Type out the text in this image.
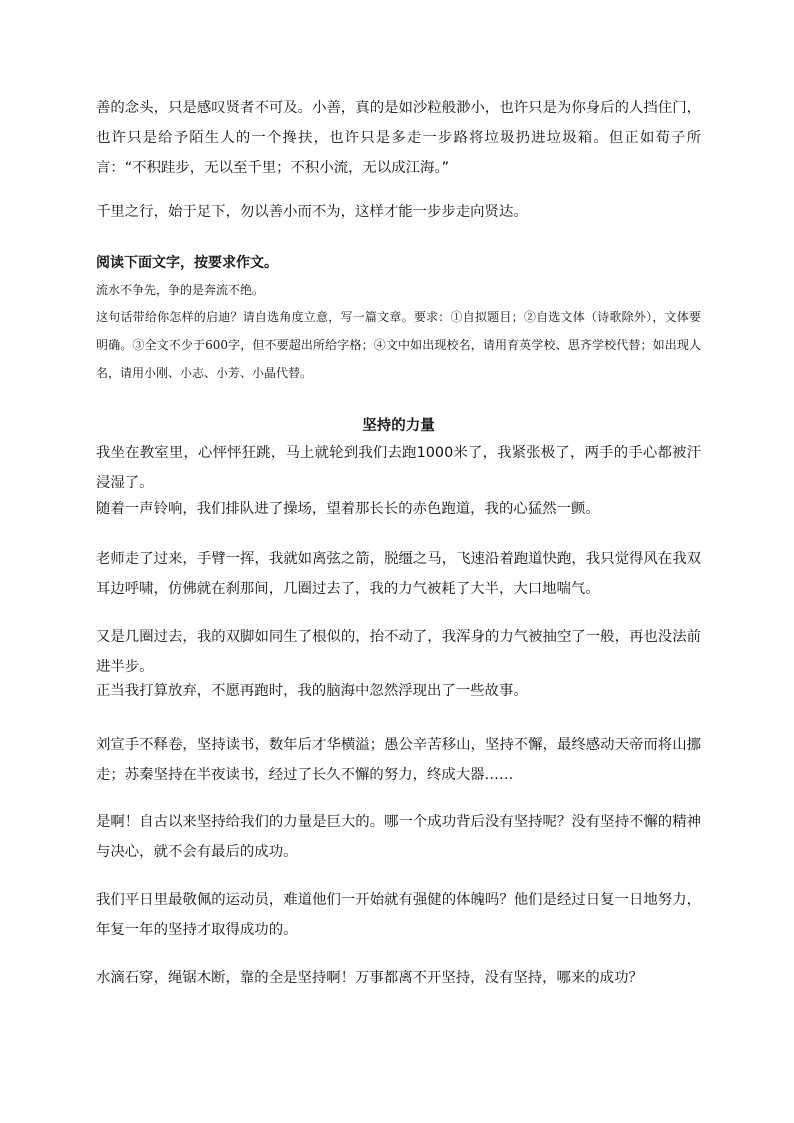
善的念头，只是感叹贤者不可及。小善，真的是如沙粒般渺小，也许只是为你身后的人挡住门，也许只是给予陌生人的一个搀扶，也许只是多走一步路将垃圾扔进垃圾箱。但正如荀子所言：“不积跬步，无以至千里；不积小流，无以成江海。”

千里之行，始于足下，勿以善小而不为，这样才能一步步走向贤达。

阅读下面文字，按要求作文。

流水不争先，争的是奔流不绝。

这句话带给你怎样的启迪？请自选角度立意，写一篇文章。要求：①自拟题目；②自选文体（诗歌除外），文体要明确。③全文不少于600字，但不要超出所给字格；④文中如出现校名，请用育英学校、思齐学校代替；如出现人名，请用小刚、小志、小芳、小晶代替。

坚持的力量

我坐在教室里，心怦怦狂跳，马上就轮到我们去跑1000米了，我紧张极了，两手的手心都被汗浸湿了。

随着一声铃响，我们排队进了操场，望着那长长的赤色跑道，我的心猛然一颤。

老师走了过来，手臂一挥，我就如离弦之箭，脱缰之马，飞速沿着跑道快跑，我只觉得风在我双耳边呼啸，仿佛就在刹那间，几圈过去了，我的力气被耗了大半，大口地喘气。

又是几圈过去，我的双脚如同生了根似的，抬不动了，我浑身的力气被抽空了一般，再也没法前进半步。

正当我打算放弃，不愿再跑时，我的脑海中忽然浮现出了一些故事。

刘宣手不释卷，坚持读书，数年后才华横溢；愚公辛苦移山，坚持不懈，最终感动天帝而将山挪走；苏秦坚持在半夜读书，经过了长久不懈的努力，终成大器……

是啊！自古以来坚持给我们的力量是巨大的。哪一个成功背后没有坚持呢？没有坚持不懈的精神与决心，就不会有最后的成功。

我们平日里最敬佩的运动员，难道他们一开始就有强健的体魄吗？他们是经过日复一日地努力，年复一年的坚持才取得成功的。

水滴石穿，绳锯木断，靠的全是坚持啊！万事都离不开坚持，没有坚持，哪来的成功？
